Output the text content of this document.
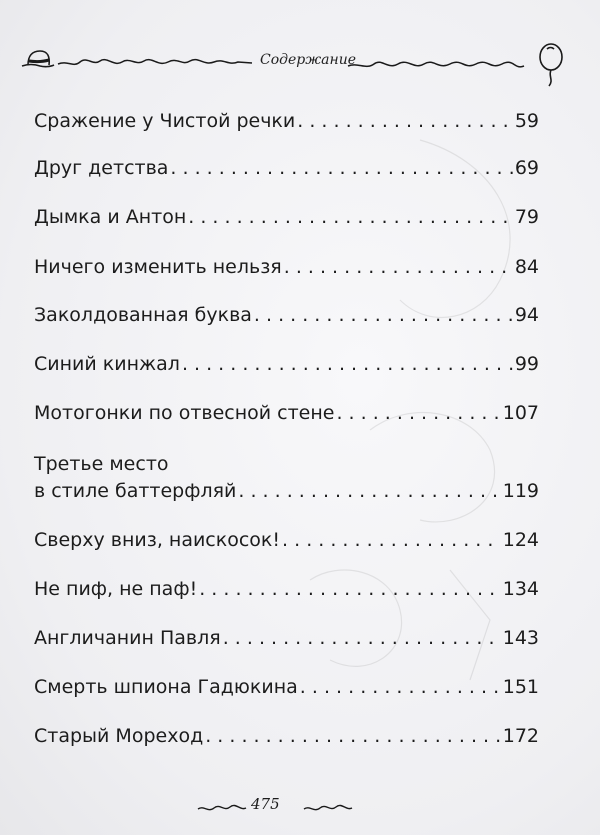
Содержание
Сражение у Чистой речки . . .	59
Друг детства . . .	69
Дымка и Антон . . .	79
Ничего изменить нельзя . . .	84
Заколдованная буква . . .	94
Синий кинжал . . .	99
Мотогонки по отвесной стене . . .	107
Третье место
в стиле баттерфляй . . .	119
Сверху вниз, наискосок! . . .	124
Не пиф, не паф! . . .	134
Англичанин Павля . . .	143
Смерть шпиона Гадюкина . . .	151
Старый Мореход . . .	172
475
